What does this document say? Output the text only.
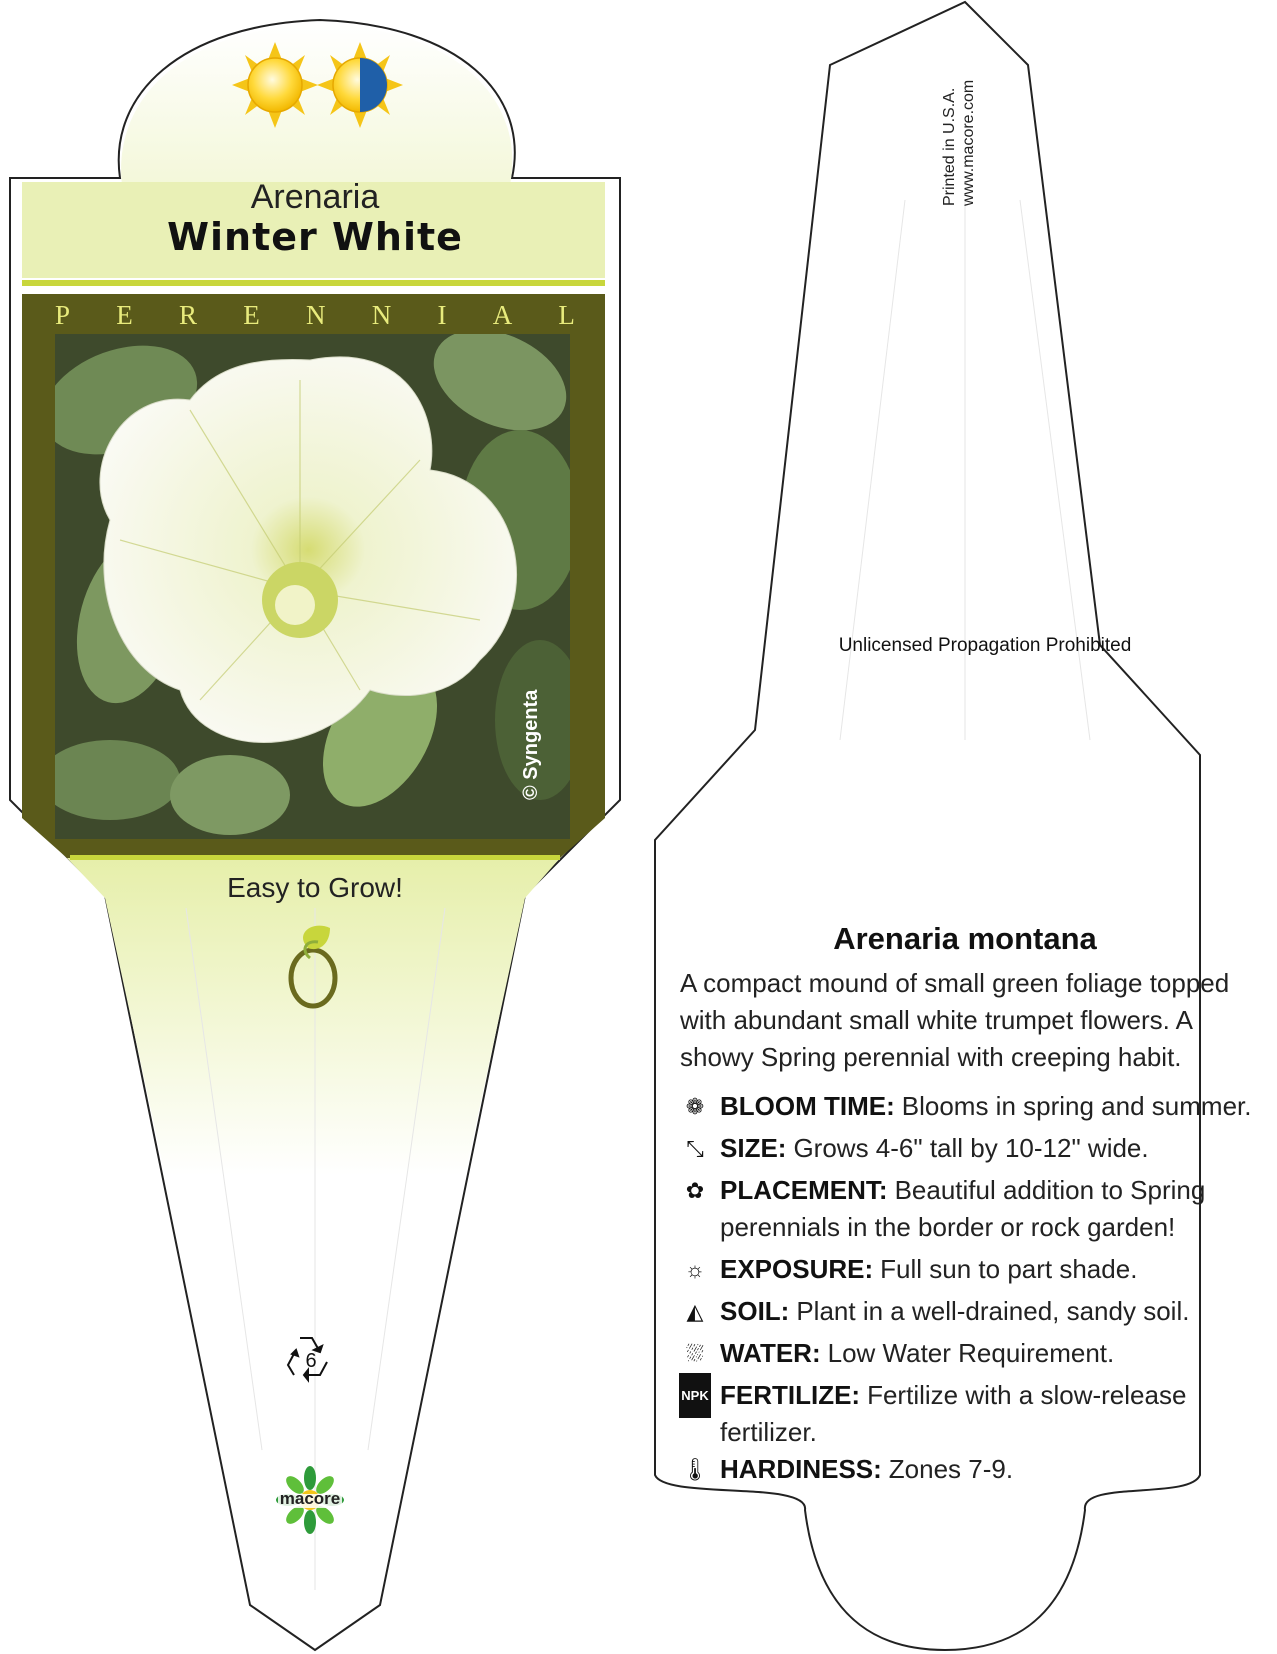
Arenaria
Winter White
P E R E N N I A L
© Syngenta
Easy to Grow!
6
macore
Printed in U.S.A. www.macore.com
Unlicensed Propagation Prohibited
Arenaria montana
A compact mound of small green foliage topped with abundant small white trumpet flowers. A showy Spring perennial with creeping habit.
❁ BLOOM TIME: Blooms in spring and summer.
⤡ SIZE: Grows 4-6" tall by 10-12" wide.
✿ PLACEMENT: Beautiful addition to Spring perennials in the border or rock garden!
☼ EXPOSURE: Full sun to part shade.
◭ SOIL: Plant in a well-drained, sandy soil.
⛆ WATER: Low Water Requirement.
NPK FERTILIZE: Fertilize with a slow-release fertilizer.
🌡 HARDINESS: Zones 7-9.
